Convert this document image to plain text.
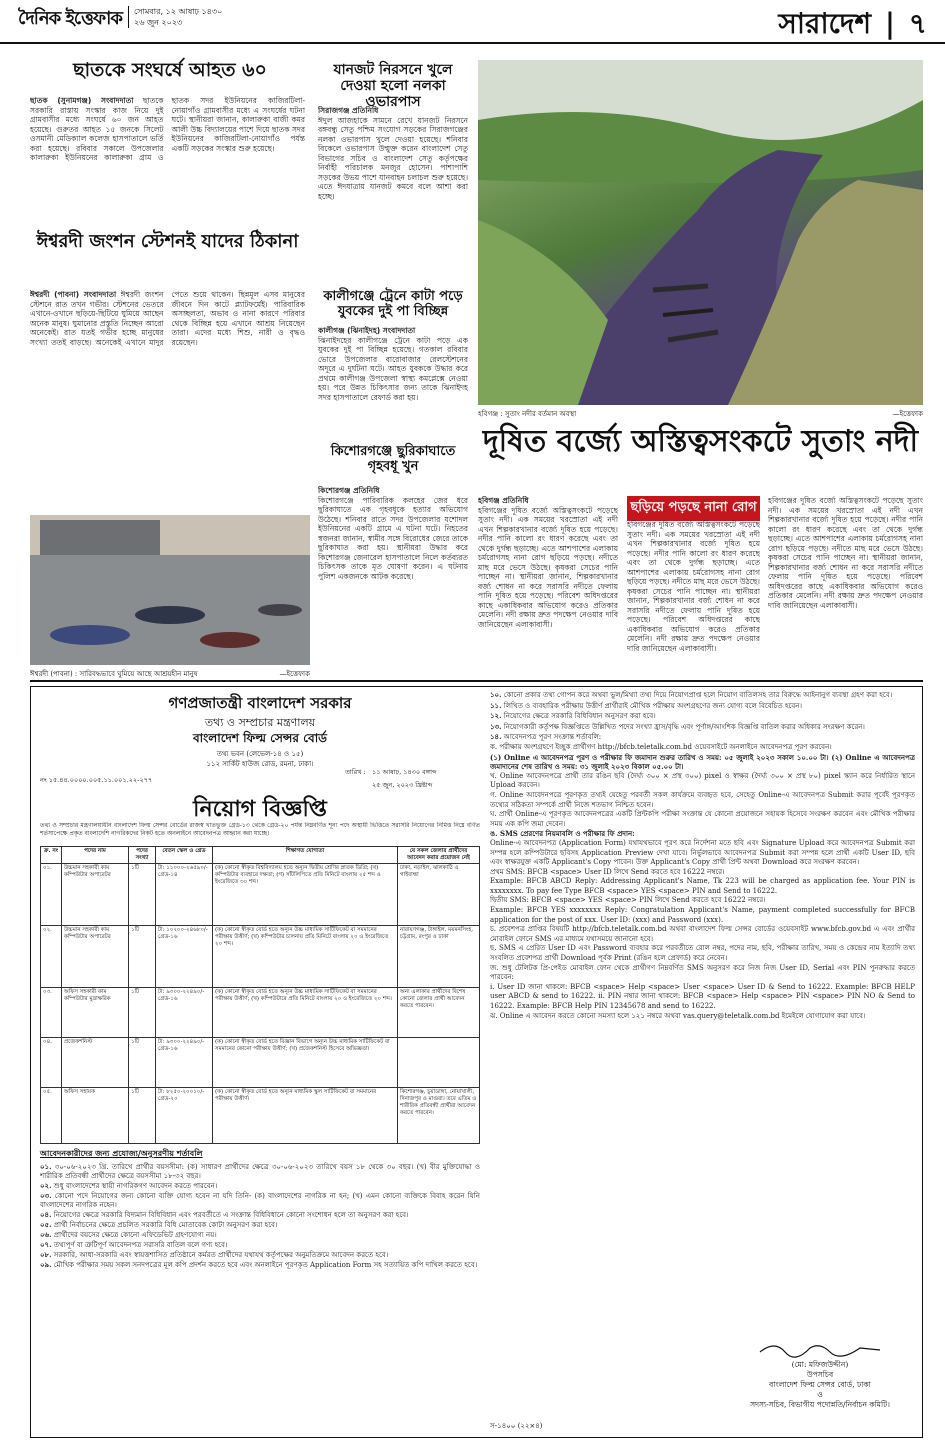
দৈনিক ইত্তেফাক সোমবার, ১২ আষাঢ় ১৪৩০
২৬ জুন ২০২৩	সারাদেশ | ৭
ছাতকে সংঘর্ষে আহত ৬০
ছাতক (সুনামগঞ্জ) সংবাদদাতা ছাতকে সরকারি রাস্তায় সংস্কার কাজ নিয়ে দুই গ্রামবাসীর মধ্যে সংঘর্ষে ৬০ জন আহত হয়েছে। গুরুতর আহত ১৫ জনকে সিলেট ওসমানী মেডিক্যাল কলেজ হাসপাতালে ভর্তি করা হয়েছে। রবিবার সকালে উপজেলার কালারুকা ইউনিয়নের কালারুকা গ্রাম ও ছাতক সদর ইউনিয়নের কাজিরটিলা-নোয়াগাঁও গ্রামবাসীর মধ্যে এ সংঘর্ষের ঘটনা ঘটে। স্থানীয়রা জানান, কালারুকা বাজী কমর আলী উচ্চ বিদ্যালয়ের পাশে দিয়ে ছাতক সদর ইউনিয়নের কাজিরটিলা-নোয়াগাঁও পর্যন্ত একটি সড়কের সংস্কার শুরু হয়েছে।
ঈশ্বরদী জংশন স্টেশনই যাদের ঠিকানা
ঈশ্বরদী (পাবনা) সংবাদদাতা ঈশ্বরদী জংশন স্টেশনে রাত তখন গভীর। স্টেশনের ভেতরে এখানে-ওখানে ছড়িয়ে-ছিটিয়ে ঘুমিয়ে আছেন অনেক মানুষ। ঘুমানোর প্রস্তুতি নিচ্ছেন আরো অনেকেই। রাত যতই গভীর হচ্ছে মানুষের সংখ্যা ততই বাড়ছে। অনেকেই এখানে মাদুর পেতে শুয়ে থাকেন। ছিন্নমূল এসব মানুষের জীবনে দিন কাটে প্ল্যাটফর্মেই। পারিবারিক অসচ্ছলতা, অভাব ও নানা কারণে পরিবার থেকে বিচ্ছিন্ন হয়ে এখানে আশ্রয় নিয়েছেন তারা। এদের মধ্যে শিশু, নারী ও বৃদ্ধও রয়েছেন।
ঈশ্বরদী (পাবনা) : সারিবদ্ধভাবে ঘুমিয়ে আছে আশ্রয়হীন মানুষ	—ইত্তেফাক
যানজট নিরসনে খুলে দেওয়া হলো নলকা ওভারপাস
সিরাজগঞ্জ প্রতিনিধি
ঈদুল আজহাকে সামনে রেখে যানজট নিরসনে বঙ্গবন্ধু সেতু পশ্চিম সংযোগ সড়কের সিরাজগঞ্জের নলকা ওভারপাস খুলে দেওয়া হয়েছে। শনিবার বিকেলে ওভারপাস উন্মুক্ত করেন বাংলাদেশ সেতু বিভাগের সচিব ও বাংলাদেশ সেতু কর্তৃপক্ষের নির্বাহী পরিচালক মনজুর হোসেন। পাশাপাশি সড়কের উভয় পাশে যানবাহন চলাচল শুরু হয়েছে। এতে ঈদযাত্রায় যানজট কমবে বলে আশা করা হচ্ছে।
কালীগঞ্জে ট্রেনে কাটা পড়ে যুবকের দুই পা বিচ্ছিন্ন
কালীগঞ্জ (ঝিনাইদহ) সংবাদদাতা
ঝিনাইদহের কালীগঞ্জে ট্রেনে কাটা পড়ে এক যুবকের দুই পা বিচ্ছিন্ন হয়েছে। গতকাল রবিবার ভোরে উপজেলার বারোবাজার রেলস্টেশনের অদূরে এ দুর্ঘটনা ঘটে। আহত যুবককে উদ্ধার করে প্রথমে কালীগঞ্জ উপজেলা স্বাস্থ্য কমপ্লেক্সে নেওয়া হয়। পরে উন্নত চিকিৎসার জন্য তাকে ঝিনাইদহ সদর হাসপাতালে রেফার্ড করা হয়।
কিশোরগঞ্জে ছুরিকাঘাতে গৃহবধূ খুন
কিশোরগঞ্জ প্রতিনিধি
কিশোরগঞ্জে পারিবারিক কলহের জের ধরে ছুরিকাঘাতে এক গৃহবধূকে হত্যার অভিযোগ উঠেছে। শনিবার রাতে সদর উপজেলার যশোদল ইউনিয়নের একটি গ্রামে এ ঘটনা ঘটে। নিহতের স্বজনরা জানান, স্বামীর সঙ্গে বিরোধের জেরে তাকে ছুরিকাঘাত করা হয়। স্থানীয়রা উদ্ধার করে কিশোরগঞ্জ জেনারেল হাসপাতালে নিলে কর্তব্যরত চিকিৎসক তাকে মৃত ঘোষণা করেন। এ ঘটনায় পুলিশ একজনকে আটক করেছে।
হবিগঞ্জ : সুতাং নদীর বর্তমান অবস্থা	—ইত্তেফাক
দূষিত বর্জ্যে অস্তিত্বসংকটে সুতাং নদী
হবিগঞ্জ প্রতিনিধি
হবিগঞ্জের দূষিত বর্জ্যে অস্তিত্বসংকটে পড়েছে সুতাং নদী। এক সময়ের খরস্রোতা এই নদী এখন শিল্পকারখানার বর্জ্যে দূষিত হয়ে পড়েছে। নদীর পানি কালো রং ধারণ করেছে এবং তা থেকে দুর্গন্ধ ছড়াচ্ছে। এতে আশপাশের এলাকায় চর্মরোগসহ নানা রোগ ছড়িয়ে পড়ছে। নদীতে মাছ মরে ভেসে উঠছে। কৃষকরা সেচের পানি পাচ্ছেন না। স্থানীয়রা জানান, শিল্পকারখানার বর্জ্য শোধন না করে সরাসরি নদীতে ফেলায় পানি দূষিত হয়ে পড়েছে। পরিবেশ অধিদপ্তরের কাছে একাধিকবার অভিযোগ করেও প্রতিকার মেলেনি। নদী রক্ষায় দ্রুত পদক্ষেপ নেওয়ার দাবি জানিয়েছেন এলাকাবাসী।
ছড়িয়ে পড়ছে নানা রোগ
হবিগঞ্জের দূষিত বর্জ্যে অস্তিত্বসংকটে পড়েছে সুতাং নদী। এক সময়ের খরস্রোতা এই নদী এখন শিল্পকারখানার বর্জ্যে দূষিত হয়ে পড়েছে। নদীর পানি কালো রং ধারণ করেছে এবং তা থেকে দুর্গন্ধ ছড়াচ্ছে। এতে আশপাশের এলাকায় চর্মরোগসহ নানা রোগ ছড়িয়ে পড়ছে। নদীতে মাছ মরে ভেসে উঠছে। কৃষকরা সেচের পানি পাচ্ছেন না। স্থানীয়রা জানান, শিল্পকারখানার বর্জ্য শোধন না করে সরাসরি নদীতে ফেলায় পানি দূষিত হয়ে পড়েছে। পরিবেশ অধিদপ্তরের কাছে একাধিকবার অভিযোগ করেও প্রতিকার মেলেনি। নদী রক্ষায় দ্রুত পদক্ষেপ নেওয়ার দাবি জানিয়েছেন এলাকাবাসী।
হবিগঞ্জের দূষিত বর্জ্যে অস্তিত্বসংকটে পড়েছে সুতাং নদী। এক সময়ের খরস্রোতা এই নদী এখন শিল্পকারখানার বর্জ্যে দূষিত হয়ে পড়েছে। নদীর পানি কালো রং ধারণ করেছে এবং তা থেকে দুর্গন্ধ ছড়াচ্ছে। এতে আশপাশের এলাকায় চর্মরোগসহ নানা রোগ ছড়িয়ে পড়ছে। নদীতে মাছ মরে ভেসে উঠছে। কৃষকরা সেচের পানি পাচ্ছেন না। স্থানীয়রা জানান, শিল্পকারখানার বর্জ্য শোধন না করে সরাসরি নদীতে ফেলায় পানি দূষিত হয়ে পড়েছে। পরিবেশ অধিদপ্তরের কাছে একাধিকবার অভিযোগ করেও প্রতিকার মেলেনি। নদী রক্ষায় দ্রুত পদক্ষেপ নেওয়ার দাবি জানিয়েছেন এলাকাবাসী।
গণপ্রজাতন্ত্রী বাংলাদেশ সরকার
তথ্য ও সম্প্রচার মন্ত্রণালয়
বাংলাদেশ ফিল্ম সেন্সর বোর্ড
তথ্য ভবন (লেভেল-১৪ ও ১৫)
১১২ সার্কিট হাউজ রোড, রমনা, ঢাকা।
নং ১৫.৪৪.০০০০.০০৫.১১.০০১.২২-২৭৭
তারিখ : ১১ আষাঢ়, ১৪৩০ বঙ্গাব্দ
২৫ জুন, ২০২৩ খ্রিষ্টাব্দ
নিয়োগ বিজ্ঞপ্তি
তথ্য ও সম্প্রচার মন্ত্রণালয়াধীন বাংলাদেশ ফিল্ম সেন্সর বোর্ডের রাজস্ব খাতভুক্ত গ্রেড-১৩ থেকে গ্রেড-২০ পর্যন্ত নিম্নবর্ণিত শূন্য পদে অস্থায়ী ভিত্তিতে সরাসরি নিয়োগের নিমিত্ত নিম্নে বর্ণিত শর্তসাপেক্ষে প্রকৃত বাংলাদেশি নাগরিকদের নিকট হতে অনলাইনে আবেদনপত্র আহ্বান করা যাচ্ছে।
ক্র. নং	পদের নাম	পদের সংখ্যা	বেতন স্কেল ও গ্রেড	শিক্ষাগত যোগ্যতা	যে সকল জেলার প্রার্থীদের আবেদন করার প্রয়োজন নেই
০১.	উচ্চমান সহকারী কাম কম্পিউটার অপারেটর	১টি	টা: ১১০০০-২৬৫৯০/- গ্রেড-১৪	(ক) কোনো স্বীকৃত বিশ্ববিদ্যালয় হতে অন্যূন দ্বিতীয় শ্রেণির স্নাতক ডিগ্রি; (খ) কম্পিউটার ব্যবহারে দক্ষতা; (গ) সাঁটলিপিতে প্রতি মিনিটে বাংলায় ২৫ শব্দ ও ইংরেজিতে ৩০ শব্দ।	ঢাকা, নড়াইল, ঝালকাঠি ও গাইবান্ধা
০২.	উচ্চমান সহকারী কাম কম্পিউটার অপারেটর	১টি	টা: ১০২০০-২৪৬৮০/- গ্রেড-১৬	(ক) কোনো স্বীকৃত বোর্ড হতে অন্যূন উচ্চ মাধ্যমিক সার্টিফিকেট বা সমমানের পরীক্ষায় উত্তীর্ণ; (খ) কম্পিউটার চালনায় প্রতি মিনিটে বাংলায় ২০ ও ইংরেজিতে ২০ শব্দ।	নারায়ণগঞ্জ, টাঙ্গাইল, ময়মনসিংহ, চট্টগ্রাম, রংপুর ও ঢাকা
০৩.	অফিস সহকারী কাম কম্পিউটার মুদ্রাক্ষরিক	১টি	টা: ৯৩০০-২২৪৯০/- গ্রেড-১৬	(ক) কোনো স্বীকৃত বোর্ড হতে অন্যূন উচ্চ মাধ্যমিক সার্টিফিকেট বা সমমানের পরীক্ষায় উত্তীর্ণ; (খ) কম্পিউটারে প্রতি মিনিটে বাংলায় ২০ ও ইংরেজিতে ২০ শব্দ।	অন্য এলাকার প্রার্থীদের বিশেষ কোনো জেলার প্রার্থী আবেদন করতে পারবেন।
০৪.	প্রজেকশনিস্ট	১টি	টা: ৯৩০০-২২৪৯০/- গ্রেড-১৬	(ক) কোনো স্বীকৃত বোর্ড হতে বিজ্ঞান বিভাগে অন্যূন উচ্চ মাধ্যমিক সার্টিফিকেট বা সমমানের কোনো পরীক্ষায় উত্তীর্ণ; (খ) প্রজেকশনিস্ট হিসেবে অভিজ্ঞতা।	
০৫.	অফিস সহায়ক	১টি	টা: ৮২৫০-২০০১০/- গ্রেড-২০	(ক) কোনো স্বীকৃত বোর্ড হতে অন্যূন মাধ্যমিক স্কুল সার্টিফিকেট বা সমমানের পরীক্ষায় উত্তীর্ণ।	কিশোরগঞ্জ, চুয়াডাঙ্গা, নোয়াখালী, দিনাজপুর ও মাগুরা। তবে এতিম ও শারীরিক প্রতিবন্ধী প্রার্থীরা আবেদন করতে পারবেন।
আবেদনকারীদের জন্য প্রযোজ্য/অনুসরণীয় শর্তাবলি
০১. ৩০-০৬-২০২৩ খ্রি. তারিখে প্রার্থীর বয়সসীমা: (ক) সাধারণ প্রার্থীদের ক্ষেত্রে ৩০-০৬-২০২৩ তারিখে বয়স ১৮ থেকে ৩০ বছর। (খ) বীর মুক্তিযোদ্ধা ও শারীরিক প্রতিবন্ধী প্রার্থীদের ক্ষেত্রে বয়সসীমা ১৮-৩২ বছর।
০২. শুধু বাংলাদেশের স্থায়ী নাগরিকগণ আবেদন করতে পারবেন।
০৩. কোনো পদে নিয়োগের জন্য কোনো ব্যক্তি যোগ্য হবেন না যদি তিনি- (ক) বাংলাদেশের নাগরিক না হন; (খ) এমন কোনো ব্যক্তিকে বিবাহ করেন যিনি বাংলাদেশের নাগরিক নহেন।
০৪. নিয়োগের ক্ষেত্রে সরকারি বিদ্যমান বিধিবিধান এবং পরবর্তীতে এ সংক্রান্ত বিধিবিধানে কোনো সংশোধন হলে তা অনুসরণ করা হবে।
০৫. প্রার্থী নির্বাচনের ক্ষেত্রে প্রচলিত সরকারি বিধি মোতাবেক কোটা অনুসরণ করা হবে।
০৬. প্রার্থীদের বয়সের ক্ষেত্রে কোনো এফিডেভিট গ্রহণযোগ্য নয়।
০৭. তথ্যপূর্ণ বা ত্রুটিপূর্ণ আবেদনপত্র সরাসরি বাতিল বলে গণ্য হবে।
০৮. সরকারি, আধা-সরকারি এবং স্বায়ত্তশাসিত প্রতিষ্ঠানে কর্মরত প্রার্থীদের যথাযথ কর্তৃপক্ষের অনুমতিক্রমে আবেদন করতে হবে।
০৯. মৌখিক পরীক্ষার সময় সকল সনদপত্রের মূল কপি প্রদর্শন করতে হবে এবং অনলাইনে পূরণকৃত Application Form সহ সত্যায়িত কপি দাখিল করতে হবে।
১০. কোনো প্রকার তথ্য গোপন করে অথবা ভুল/মিথ্যা তথ্য দিয়ে নিয়োগপ্রাপ্ত হলে নিয়োগ বাতিলসহ তার বিরুদ্ধে আইনানুগ ব্যবস্থা গ্রহণ করা হবে।
১১. লিখিত ও ব্যবহারিক পরীক্ষায় উত্তীর্ণ প্রার্থীরাই মৌখিক পরীক্ষায় অংশগ্রহণের জন্য যোগ্য বলে বিবেচিত হবেন।
১২. নিয়োগের ক্ষেত্রে সরকারি বিধিবিধান অনুসরণ করা হবে।
১৩. নিয়োগকারী কর্তৃপক্ষ বিজ্ঞপ্তিতে উল্লিখিত পদের সংখ্যা হ্রাস/বৃদ্ধি এবং পূর্ণাঙ্গ/আংশিক বিজ্ঞপ্তি বাতিল করার অধিকার সংরক্ষণ করেন।
১৪. আবেদনপত্র পূরণ সংক্রান্ত শর্তাবলি:
ক. পরীক্ষায় অংশগ্রহণে ইচ্ছুক প্রার্থীগণ http://bfcb.teletalk.com.bd ওয়েবসাইটে অনলাইনে আবেদনপত্র পূরণ করবেন।
(১) Online এ আবেদনপত্র পূরণ ও পরীক্ষার ফি জমাদান শুরুর তারিখ ও সময়: ০৫ জুলাই ২০২৩ সকাল ১০.০০ টা। (২) Online এ আবেদনপত্র জমাদানের শেষ তারিখ ও সময়: ৩১ জুলাই ২০২৩ বিকাল ০৫.০০ টা।
খ. Online আবেদনপত্রে প্রার্থী তার রঙিন ছবি (দৈর্ঘ্য ৩০০ × প্রস্থ ৩০০) pixel ও স্বাক্ষর (দৈর্ঘ্য ৩০০ × প্রস্থ ৮০) pixel স্ক্যান করে নির্ধারিত স্থানে Upload করবেন।
গ. Online আবেদনপত্রে পূরণকৃত তথ্যই যেহেতু পরবর্তী সকল কার্যক্রমে ব্যবহৃত হবে, সেহেতু Online-এ আবেদনপত্র Submit করার পূর্বেই পূরণকৃত তথ্যের সঠিকতা সম্পর্কে প্রার্থী নিজে শতভাগ নিশ্চিত হবেন।
ঘ. প্রার্থী Online-এ পূরণকৃত আবেদনপত্রের একটি প্রিন্টকপি পরীক্ষা সংক্রান্ত যে কোনো প্রয়োজনে সহায়ক হিসেবে সংরক্ষণ করবেন এবং মৌখিক পরীক্ষার সময় এক কপি জমা দেবেন।
ঙ. SMS প্রেরণের নিয়মাবলি ও পরীক্ষার ফি প্রদান:
Online-এ আবেদনপত্র (Application Form) যথাযথভাবে পূরণ করে নির্দেশনা মতে ছবি এবং Signature Upload করে আবেদনপত্র Submit করা সম্পন্ন হলে কম্পিউটারে ছবিসহ Application Preview দেখা যাবে। নির্ভুলভাবে আবেদনপত্র Submit করা সম্পন্ন হলে প্রার্থী একটি User ID, ছবি এবং স্বাক্ষরযুক্ত একটি Applicant's Copy পাবেন। উক্ত Applicant's Copy প্রার্থী প্রিন্ট অথবা Download করে সংরক্ষণ করবেন।
প্রথম SMS: BFCB <space> User ID লিখে Send করতে হবে 16222 নম্বরে।
Example: BFCB ABCD Reply: Addressing Applicant's Name, Tk 223 will be charged as application fee. Your PIN is xxxxxxxx. To pay fee Type BFCB <space> YES <space> PIN and Send to 16222.
দ্বিতীয় SMS: BFCB <space> YES <space> PIN লিখে Send করতে হবে 16222 নম্বরে।
Example: BFCB YES xxxxxxxx Reply: Congratulation Applicant's Name, payment completed successfully for BFCB application for the post of xxx. User ID: (xxx) and Password (xxx).
চ. প্রবেশপত্র প্রাপ্তির বিষয়টি http://bfcb.teletalk.com.bd অথবা বাংলাদেশ ফিল্ম সেন্সর বোর্ডের ওয়েবসাইট www.bfcb.gov.bd এ এবং প্রার্থীর মোবাইল ফোনে SMS এর মাধ্যমে যথাসময়ে জানানো হবে।
ছ. SMS এ প্রেরিত User ID এবং Password ব্যবহার করে পরবর্তীতে রোল নম্বর, পদের নাম, ছবি, পরীক্ষার তারিখ, সময় ও কেন্দ্রের নাম ইত্যাদি তথ্য সংবলিত প্রবেশপত্র প্রার্থী Download পূর্বক Print (রঙিন হলে প্রেফার্ড) করে নেবেন।
জ. শুধু টেলিটক প্রি-পেইড মোবাইল ফোন থেকে প্রার্থীগণ নিম্নবর্ণিত SMS অনুসরণ করে নিজ নিজ User ID, Serial এবং PIN পুনরুদ্ধার করতে পারবেন:
i. User ID জানা থাকলে: BFCB <space> Help <space> User <space> User ID & Send to 16222. Example: BFCB HELP user ABCD & send to 16222. ii. PIN নম্বার জানা থাকলে: BFCB <space> Help <space> PIN <space> PIN NO & Send to 16222. Example: BFCB Help PIN 12345678 and send to 16222.
ঝ. Online এ আবেদন করতে কোনো সমস্যা হলে ১২১ নম্বরে অথবা vas.query@teletalk.com.bd ইমেইলে যোগাযোগ করা যাবে।
(মো: মফিজউদ্দীন)
উপসচিব
বাংলাদেশ ফিল্ম সেন্সর বোর্ড, ঢাকা
ও
সদস্য-সচিব, বিভাগীয় পদোন্নতি/নির্বাচন কমিটি।
স-১৪০০ (২২×৪)
